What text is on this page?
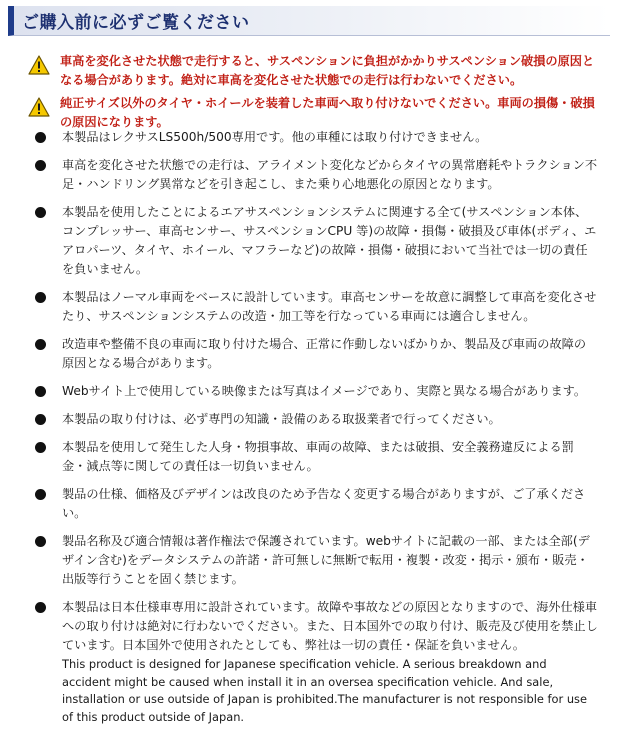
ご購入前に必ずご覧ください
車高を変化させた状態で走行すると、サスペンションに負担がかかりサスペンション破損の原因となる場合があります。絶対に車高を変化させた状態での走行は行わないでください。
純正サイズ以外のタイヤ・ホイールを装着した車両へ取り付けないでください。車両の損傷・破損の原因になります。
本製品はレクサスLS500h/500専用です。他の車種には取り付けできません。
車高を変化させた状態での走行は、アライメント変化などからタイヤの異常磨耗やトラクション不足・ハンドリング異常などを引き起こし、また乗り心地悪化の原因となります。
本製品を使用したことによるエアサスペンションシステムに関連する全て(サスペンション本体、コンプレッサー、車高センサー、サスペンションCPU 等)の故障・損傷・破損及び車体(ボディ、エアロパーツ、タイヤ、ホイール、マフラーなど)の故障・損傷・破損において当社では一切の責任を負いません。
本製品はノーマル車両をベースに設計しています。車高センサーを故意に調整して車高を変化させたり、サスペンションシステムの改造・加工等を行なっている車両には適合しません。
改造車や整備不良の車両に取り付けた場合、正常に作動しないばかりか、製品及び車両の故障の原因となる場合があります。
Webサイト上で使用している映像または写真はイメージであり、実際と異なる場合があります。
本製品の取り付けは、必ず専門の知識・設備のある取扱業者で行ってください。
本製品を使用して発生した人身・物損事故、車両の故障、または破損、安全義務違反による罰金・減点等に関しての責任は一切負いません。
製品の仕様、価格及びデザインは改良のため予告なく変更する場合がありますが、ご了承ください。
製品名称及び適合情報は著作権法で保護されています。webサイトに記載の一部、または全部(デザイン含む)をデータシステムの許諾・許可無しに無断で転用・複製・改変・掲示・頒布・販売・出版等行うことを固く禁じます。
本製品は日本仕様車専用に設計されています。故障や事故などの原因となりますので、海外仕様車への取り付けは絶対に行わないでください。また、日本国外での取り付け、販売及び使用を禁止しています。日本国外で使用されたとしても、弊社は一切の責任・保証を負いません。
This product is designed for Japanese specification vehicle. A serious breakdown and accident might be caused when install it in an oversea specification vehicle. And sale, installation or use outside of Japan is prohibited.The manufacturer is not responsible for use of this product outside of Japan.
